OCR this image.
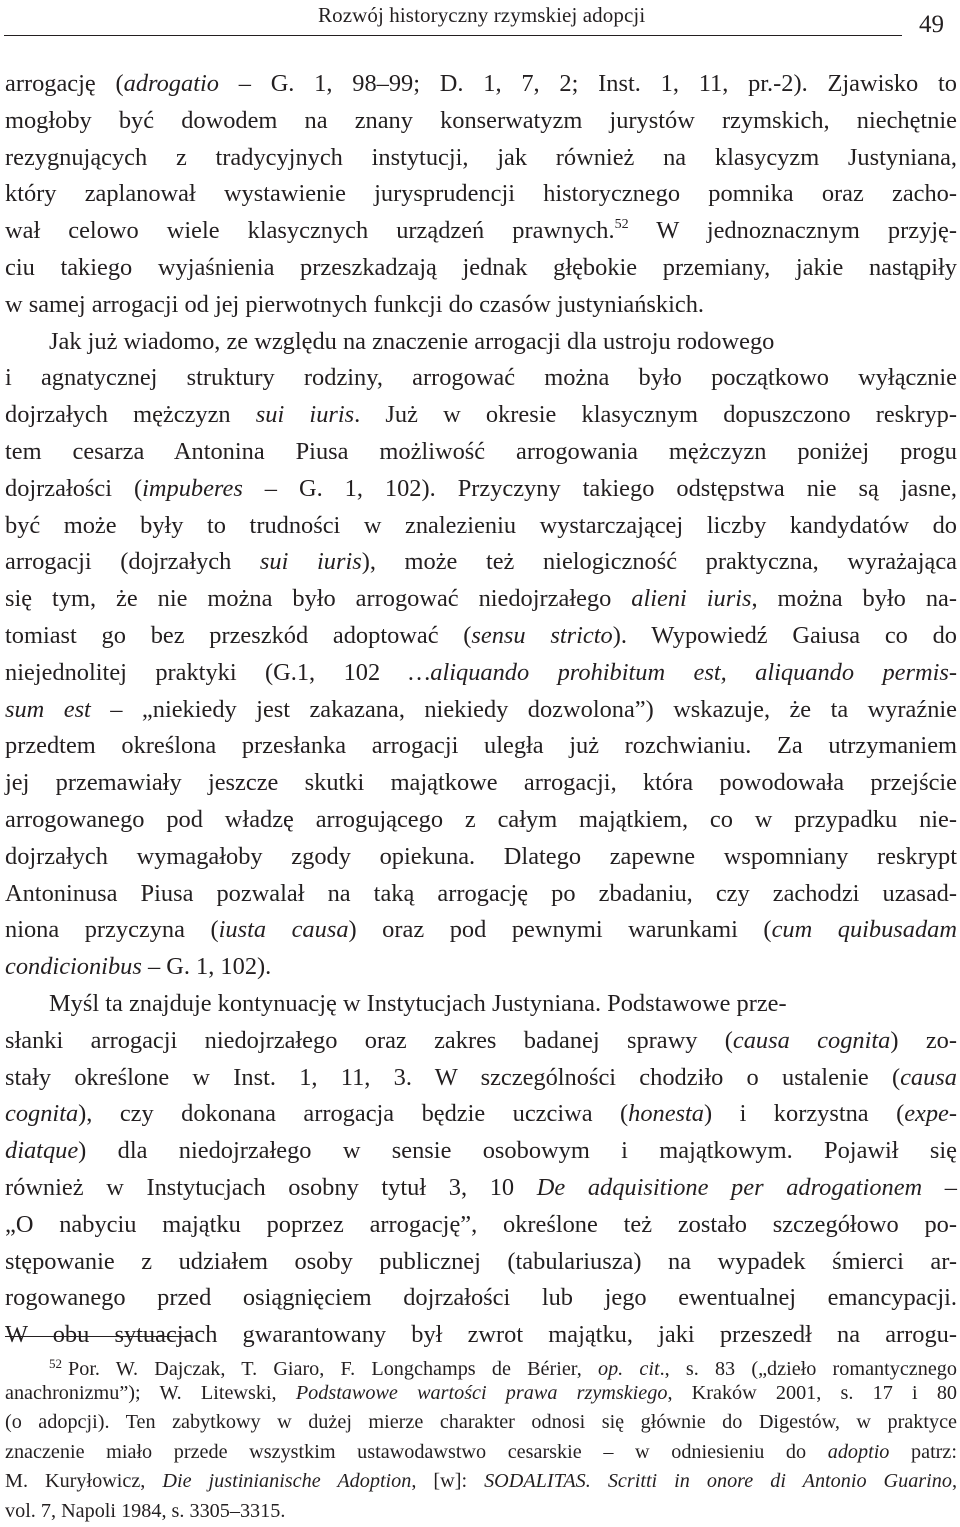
Rozwój historyczny rzymskiej adopcji	49
arrogację (adrogatio – G. 1, 98–99; D. 1, 7, 2; Inst. 1, 11, pr.-2). Zjawisko to
mogłoby być dowodem na znany konserwatyzm jurystów rzymskich, niechętnie
rezygnujących z tradycyjnych instytucji, jak również na klasycyzm Justyniana,
który zaplanował wystawienie jurysprudencji historycznego pomnika oraz zacho-
wał celowo wiele klasycznych urządzeń prawnych.$^{52}$ W jednoznacznym przyję-
ciu takiego wyjaśnienia przeszkadzają jednak głębokie przemiany, jakie nastąpiły
w samej arrogacji od jej pierwotnych funkcji do czasów justyniańskich.
Jak już wiadomo, ze względu na znaczenie arrogacji dla ustroju rodowego
i agnatycznej struktury rodziny, arrogować można było początkowo wyłącznie
dojrzałych mężczyzn sui iuris. Już w okresie klasycznym dopuszczono reskryp-
tem cesarza Antonina Piusa możliwość arrogowania mężczyzn poniżej progu
dojrzałości (impuberes – G. 1, 102). Przyczyny takiego odstępstwa nie są jasne,
być może były to trudności w znalezieniu wystarczającej liczby kandydatów do
arrogacji (dojrzałych sui iuris), może też nielogiczność praktyczna, wyrażająca
się tym, że nie można było arrogować niedojrzałego alieni iuris, można było na-
tomiast go bez przeszkód adoptować (sensu stricto). Wypowiedź Gaiusa co do
niejednolitej praktyki (G.1, 102 …aliquando prohibitum est, aliquando permis-
sum est – „niekiedy jest zakazana, niekiedy dozwolona”) wskazuje, że ta wyraźnie
przedtem określona przesłanka arrogacji uległa już rozchwianiu. Za utrzymaniem
jej przemawiały jeszcze skutki majątkowe arrogacji, która powodowała przejście
arrogowanego pod władzę arrogującego z całym majątkiem, co w przypadku nie-
dojrzałych wymagałoby zgody opiekuna. Dlatego zapewne wspomniany reskrypt
Antoninusa Piusa pozwalał na taką arrogację po zbadaniu, czy zachodzi uzasad-
niona przyczyna (iusta causa) oraz pod pewnymi warunkami (cum quibusadam
condicionibus – G. 1, 102).
Myśl ta znajduje kontynuację w Instytucjach Justyniana. Podstawowe prze-
słanki arrogacji niedojrzałego oraz zakres badanej sprawy (causa cognita) zo-
stały określone w Inst. 1, 11, 3. W szczególności chodziło o ustalenie (causa
cognita), czy dokonana arrogacja będzie uczciwa (honesta) i korzystna (expe-
diatque) dla niedojrzałego w sensie osobowym i majątkowym. Pojawił się
również w Instytucjach osobny tytuł 3, 10 De adquisitione per adrogationem –
„O nabyciu majątku poprzez arrogację”, określone też zostało szczegółowo po-
stępowanie z udziałem osoby publicznej (tabulariusza) na wypadek śmierci ar-
rogowanego przed osiągnięciem dojrzałości lub jego ewentualnej emancypacji.
W obu sytuacjach gwarantowany był zwrot majątku, jaki przeszedł na arrogu-
$^{52}$ Por. W. Dajczak, T. Giaro, F. Longchamps de Bérier, op. cit., s. 83 („dzieło romantycznego
anachronizmu”); W. Litewski, Podstawowe wartości prawa rzymskiego, Kraków 2001, s. 17 i 80
(o adopcji). Ten zabytkowy w dużej mierze charakter odnosi się głównie do Digestów, w praktyce
znaczenie miało przede wszystkim ustawodawstwo cesarskie – w odniesieniu do adoptio patrz:
M. Kuryłowicz, Die justinianische Adoption, [w]: SODALITAS. Scritti in onore di Antonio Guarino,
vol. 7, Napoli 1984, s. 3305–3315.
